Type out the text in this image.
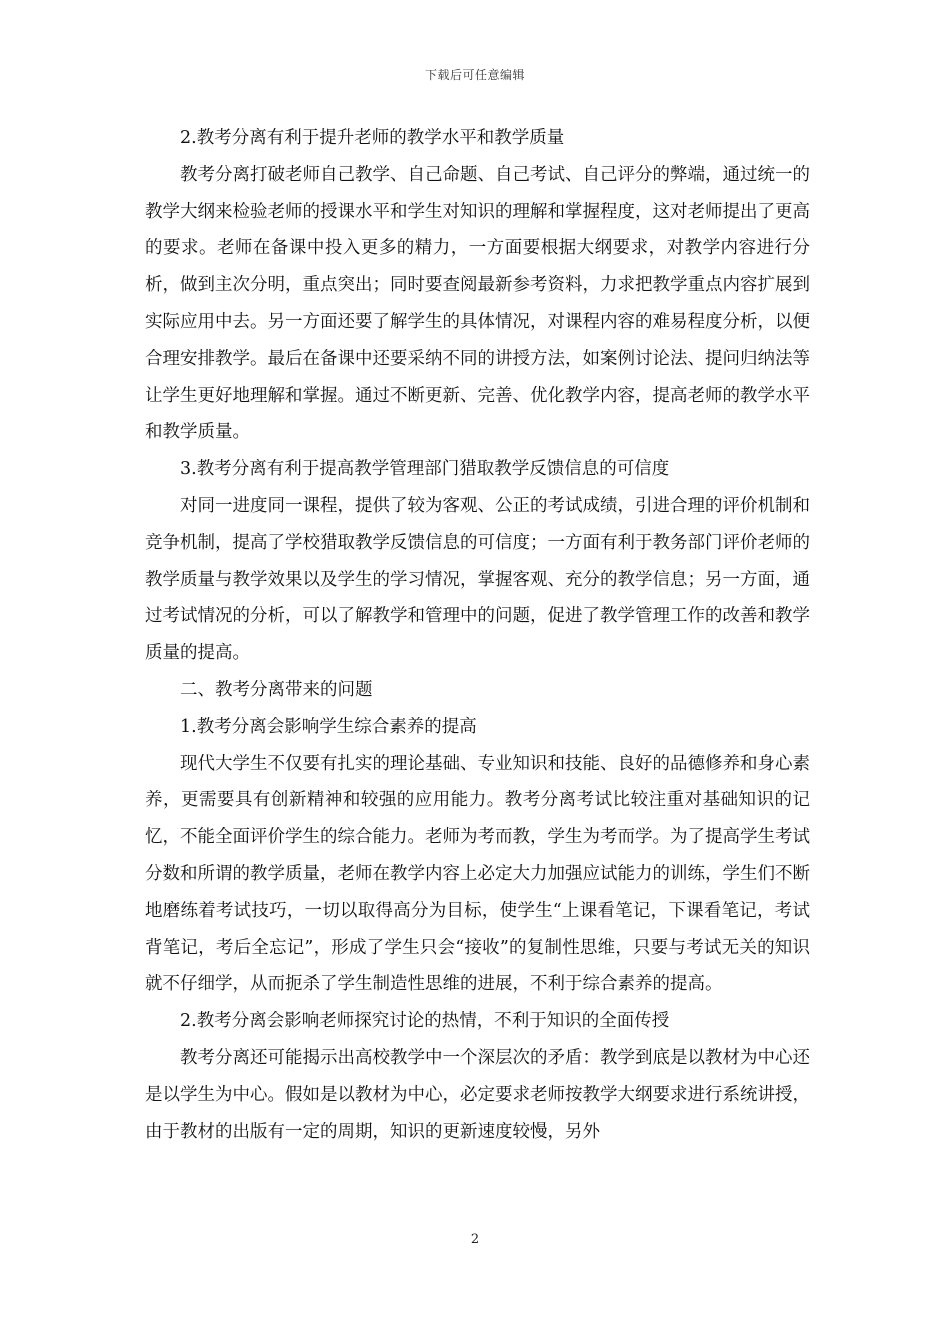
下载后可任意编辑

2.教考分离有利于提升老师的教学水平和教学质量

教考分离打破老师自己教学、自己命题、自己考试、自己评分的弊端，通过统一的教学大纲来检验老师的授课水平和学生对知识的理解和掌握程度，这对老师提出了更高的要求。老师在备课中投入更多的精力，一方面要根据大纲要求，对教学内容进行分析，做到主次分明，重点突出；同时要查阅最新参考资料，力求把教学重点内容扩展到实际应用中去。另一方面还要了解学生的具体情况，对课程内容的难易程度分析，以便合理安排教学。最后在备课中还要采纳不同的讲授方法，如案例讨论法、提问归纳法等让学生更好地理解和掌握。通过不断更新、完善、优化教学内容，提高老师的教学水平和教学质量。

3.教考分离有利于提高教学管理部门猎取教学反馈信息的可信度

对同一进度同一课程，提供了较为客观、公正的考试成绩，引进合理的评价机制和竞争机制，提高了学校猎取教学反馈信息的可信度；一方面有利于教务部门评价老师的教学质量与教学效果以及学生的学习情况，掌握客观、充分的教学信息；另一方面，通过考试情况的分析，可以了解教学和管理中的问题，促进了教学管理工作的改善和教学质量的提高。

二、教考分离带来的问题

1.教考分离会影响学生综合素养的提高

现代大学生不仅要有扎实的理论基础、专业知识和技能、良好的品德修养和身心素养，更需要具有创新精神和较强的应用能力。教考分离考试比较注重对基础知识的记忆，不能全面评价学生的综合能力。老师为考而教，学生为考而学。为了提高学生考试分数和所谓的教学质量，老师在教学内容上必定大力加强应试能力的训练，学生们不断地磨练着考试技巧，一切以取得高分为目标，使学生“上课看笔记，下课看笔记，考试背笔记，考后全忘记”，形成了学生只会“接收”的复制性思维，只要与考试无关的知识就不仔细学，从而扼杀了学生制造性思维的进展，不利于综合素养的提高。

2.教考分离会影响老师探究讨论的热情，不利于知识的全面传授

教考分离还可能揭示出高校教学中一个深层次的矛盾：教学到底是以教材为中心还是以学生为中心。假如是以教材为中心，必定要求老师按教学大纲要求进行系统讲授，由于教材的出版有一定的周期，知识的更新速度较慢，另外

2
